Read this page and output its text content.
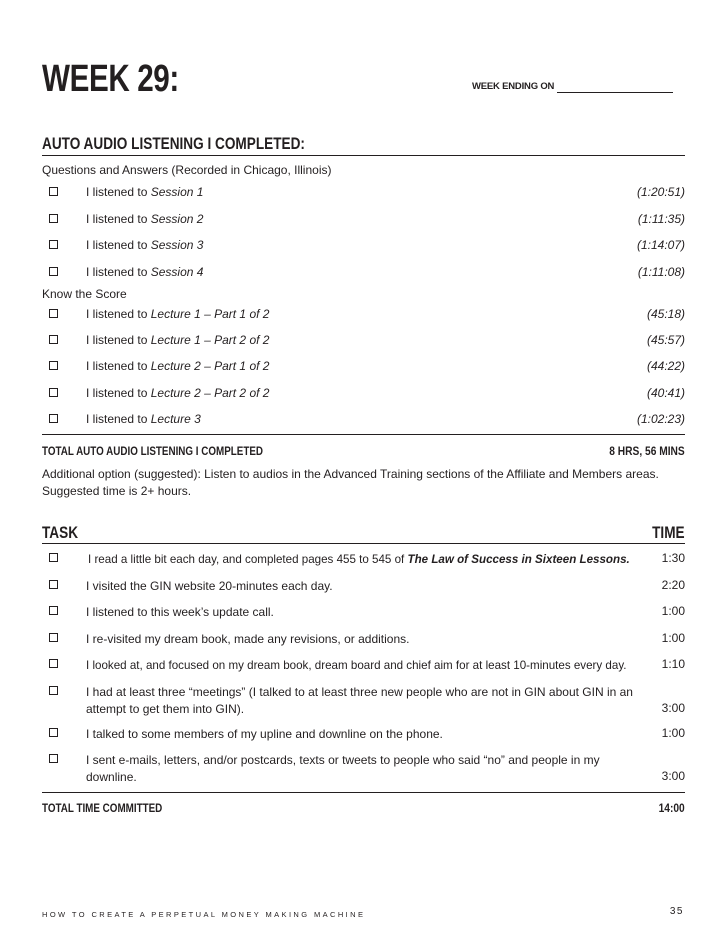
WEEK 29:	WEEK ENDING ON
AUTO AUDIO LISTENING I COMPLETED:
Questions and Answers (Recorded in Chicago, Illinois)
I listened to Session 1	(1:20:51)
I listened to Session 2	(1:11:35)
I listened to Session 3	(1:14:07)
I listened to Session 4	(1:11:08)
Know the Score
I listened to Lecture 1 – Part 1 of 2	(45:18)
I listened to Lecture 1 – Part 2 of 2	(45:57)
I listened to Lecture 2 – Part 1 of 2	(44:22)
I listened to Lecture 2 – Part 2 of 2	(40:41)
I listened to Lecture 3	(1:02:23)
TOTAL AUTO AUDIO LISTENING I COMPLETED	8 HRS, 56 MINS
Additional option (suggested): Listen to audios in the Advanced Training sections of the Affiliate and Members areas.
Suggested time is 2+ hours.
TASK	TIME
I read a little bit each day, and completed pages 455 to 545 of The Law of Success in Sixteen Lessons.	1:30
I visited the GIN website 20-minutes each day.	2:20
I listened to this week’s update call.	1:00
I re-visited my dream book, made any revisions, or additions.	1:00
I looked at, and focused on my dream book, dream board and chief aim for at least 10-minutes every day.	1:10
I had at least three “meetings” (I talked to at least three new people who are not in GIN about GIN in an attempt to get them into GIN).	3:00
I talked to some members of my upline and downline on the phone.	1:00
I sent e-mails, letters, and/or postcards, texts or tweets to people who said “no” and people in my downline.	3:00
TOTAL TIME COMMITTED	14:00
HOW TO CREATE A PERPETUAL MONEY MAKING MACHINE	35
